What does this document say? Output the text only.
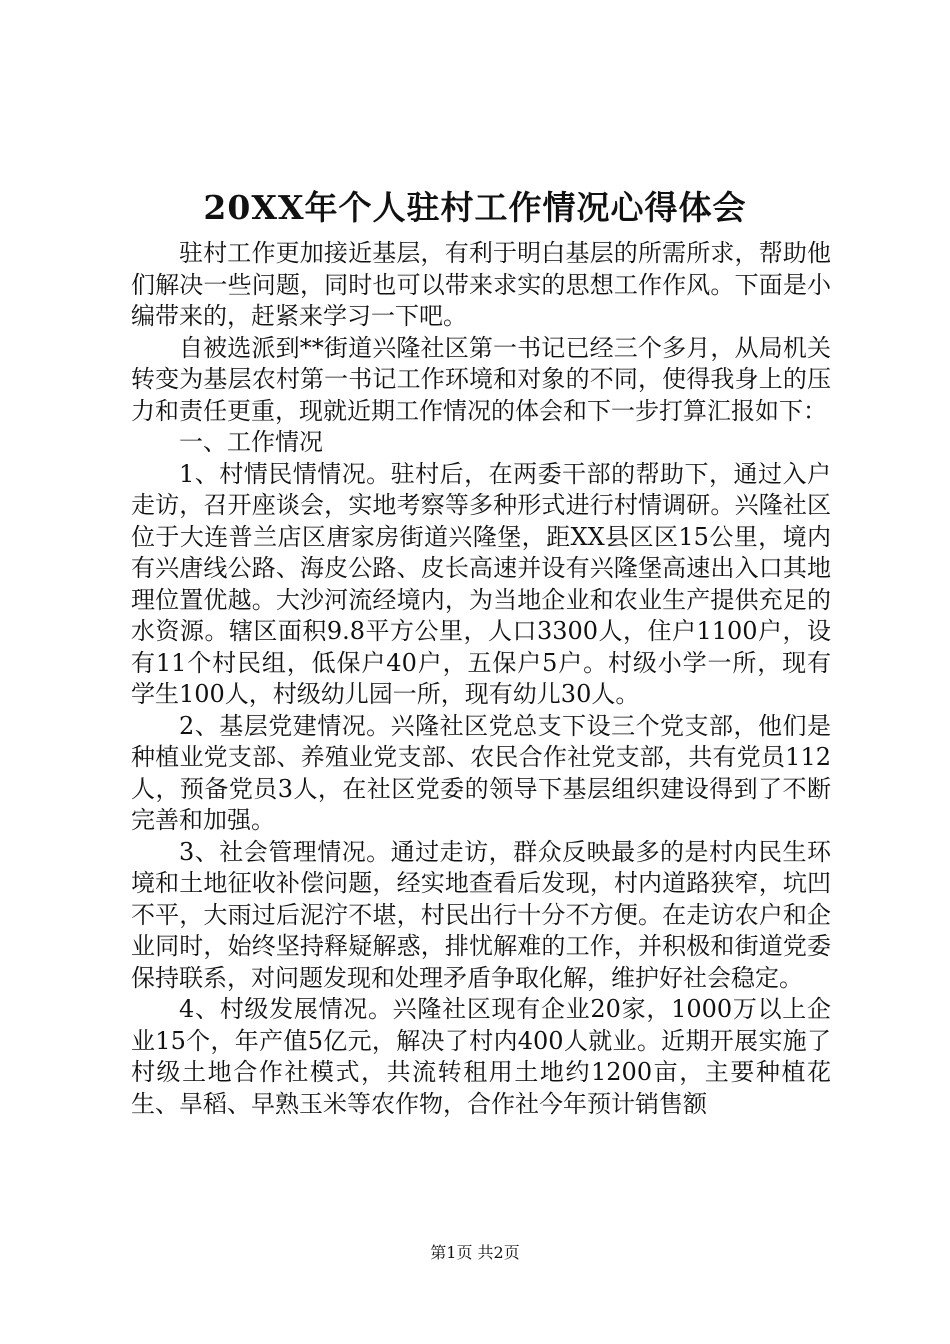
20XX年个人驻村工作情况心得体会

驻村工作更加接近基层，有利于明白基层的所需所求，帮助他们解决一些问题，同时也可以带来求实的思想工作作风。下面是小编带来的，赶紧来学习一下吧。

自被选派到**街道兴隆社区第一书记已经三个多月，从局机关转变为基层农村第一书记工作环境和对象的不同，使得我身上的压力和责任更重，现就近期工作情况的体会和下一步打算汇报如下：

一、工作情况

1、村情民情情况。驻村后，在两委干部的帮助下，通过入户走访，召开座谈会，实地考察等多种形式进行村情调研。兴隆社区位于大连普兰店区唐家房街道兴隆堡，距XX县区区15公里，境内有兴唐线公路、海皮公路、皮长高速并设有兴隆堡高速出入口其地理位置优越。大沙河流经境内，为当地企业和农业生产提供充足的水资源。辖区面积9.8平方公里，人口3300人，住户1100户，设有11个村民组，低保户40户，五保户5户。村级小学一所，现有学生100人，村级幼儿园一所，现有幼儿30人。

2、基层党建情况。兴隆社区党总支下设三个党支部，他们是种植业党支部、养殖业党支部、农民合作社党支部，共有党员112人，预备党员3人，在社区党委的领导下基层组织建设得到了不断完善和加强。

3、社会管理情况。通过走访，群众反映最多的是村内民生环境和土地征收补偿问题，经实地查看后发现，村内道路狭窄，坑凹不平，大雨过后泥泞不堪，村民出行十分不方便。在走访农户和企业同时，始终坚持释疑解惑，排忧解难的工作，并积极和街道党委保持联系，对问题发现和处理矛盾争取化解，维护好社会稳定。

4、村级发展情况。兴隆社区现有企业20家，1000万以上企业15个，年产值5亿元，解决了村内400人就业。近期开展实施了村级土地合作社模式，共流转租用土地约1200亩，主要种植花生、旱稻、早熟玉米等农作物，合作社今年预计销售额

第1页 共2页
